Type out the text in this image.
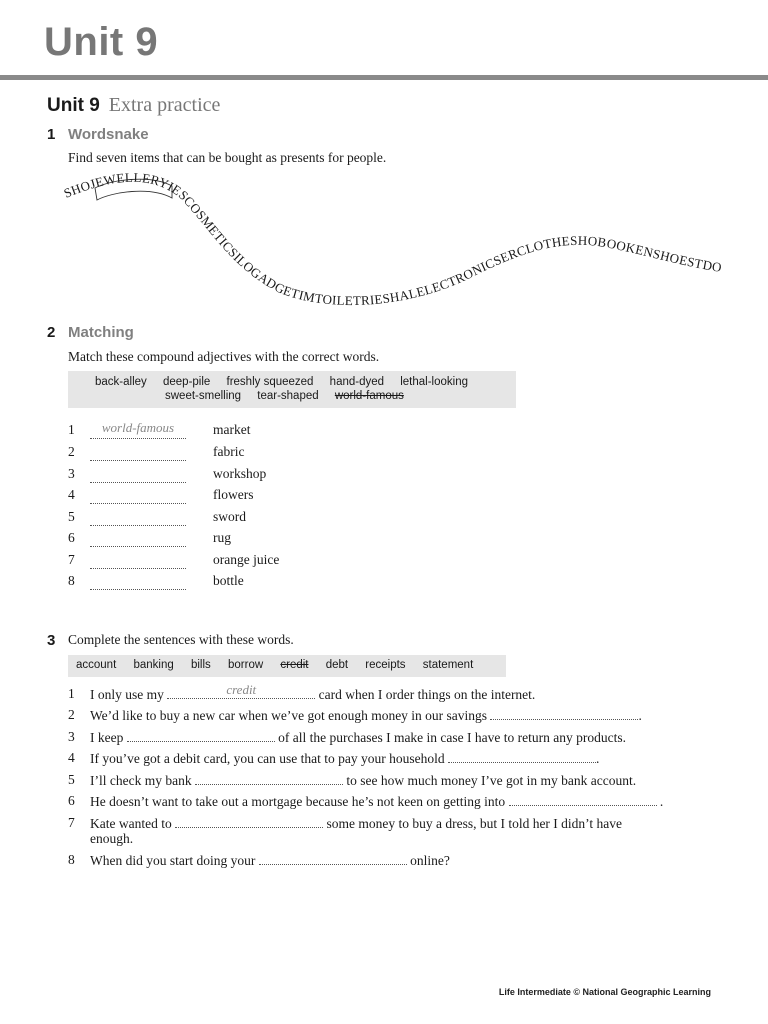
Unit 9
Unit 9 Extra practice
1 Wordsnake
Find seven items that can be bought as presents for people.
SHOJEWELLERYIESCOSMETICSILOGADGETIMTOILETRIESHALELECTRONICSERCLOTHESHOBOOKENSHOESTDO
2 Matching
Match these compound adjectives with the correct words.
back-alley deep-pile freshly squeezed hand-dyed lethal-looking
sweet-smelling tear-shaped world-famous
1	world-famous	market
2	fabric
3	workshop
4	flowers
5	sword
6	rug
7	orange juice
8	bottle
3 Complete the sentences with these words.
account banking bills borrow credit debt receipts statement
1 I only use my	credit	card when I order things on the internet.
2 We’d like to buy a new car when we’ve got enough money in our savings	.
3 I keep	of all the purchases I make in case I have to return any products.
4 If you’ve got a debit card, you can use that to pay your household	.
5 I’ll check my bank	to see how much money I’ve got in my bank account.
6 He doesn’t want to take out a mortgage because he’s not keen on getting into	.
7 Kate wanted to	some money to buy a dress, but I told her I didn’t have enough.
8 When did you start doing your	online?
Life Intermediate © National Geographic Learning
